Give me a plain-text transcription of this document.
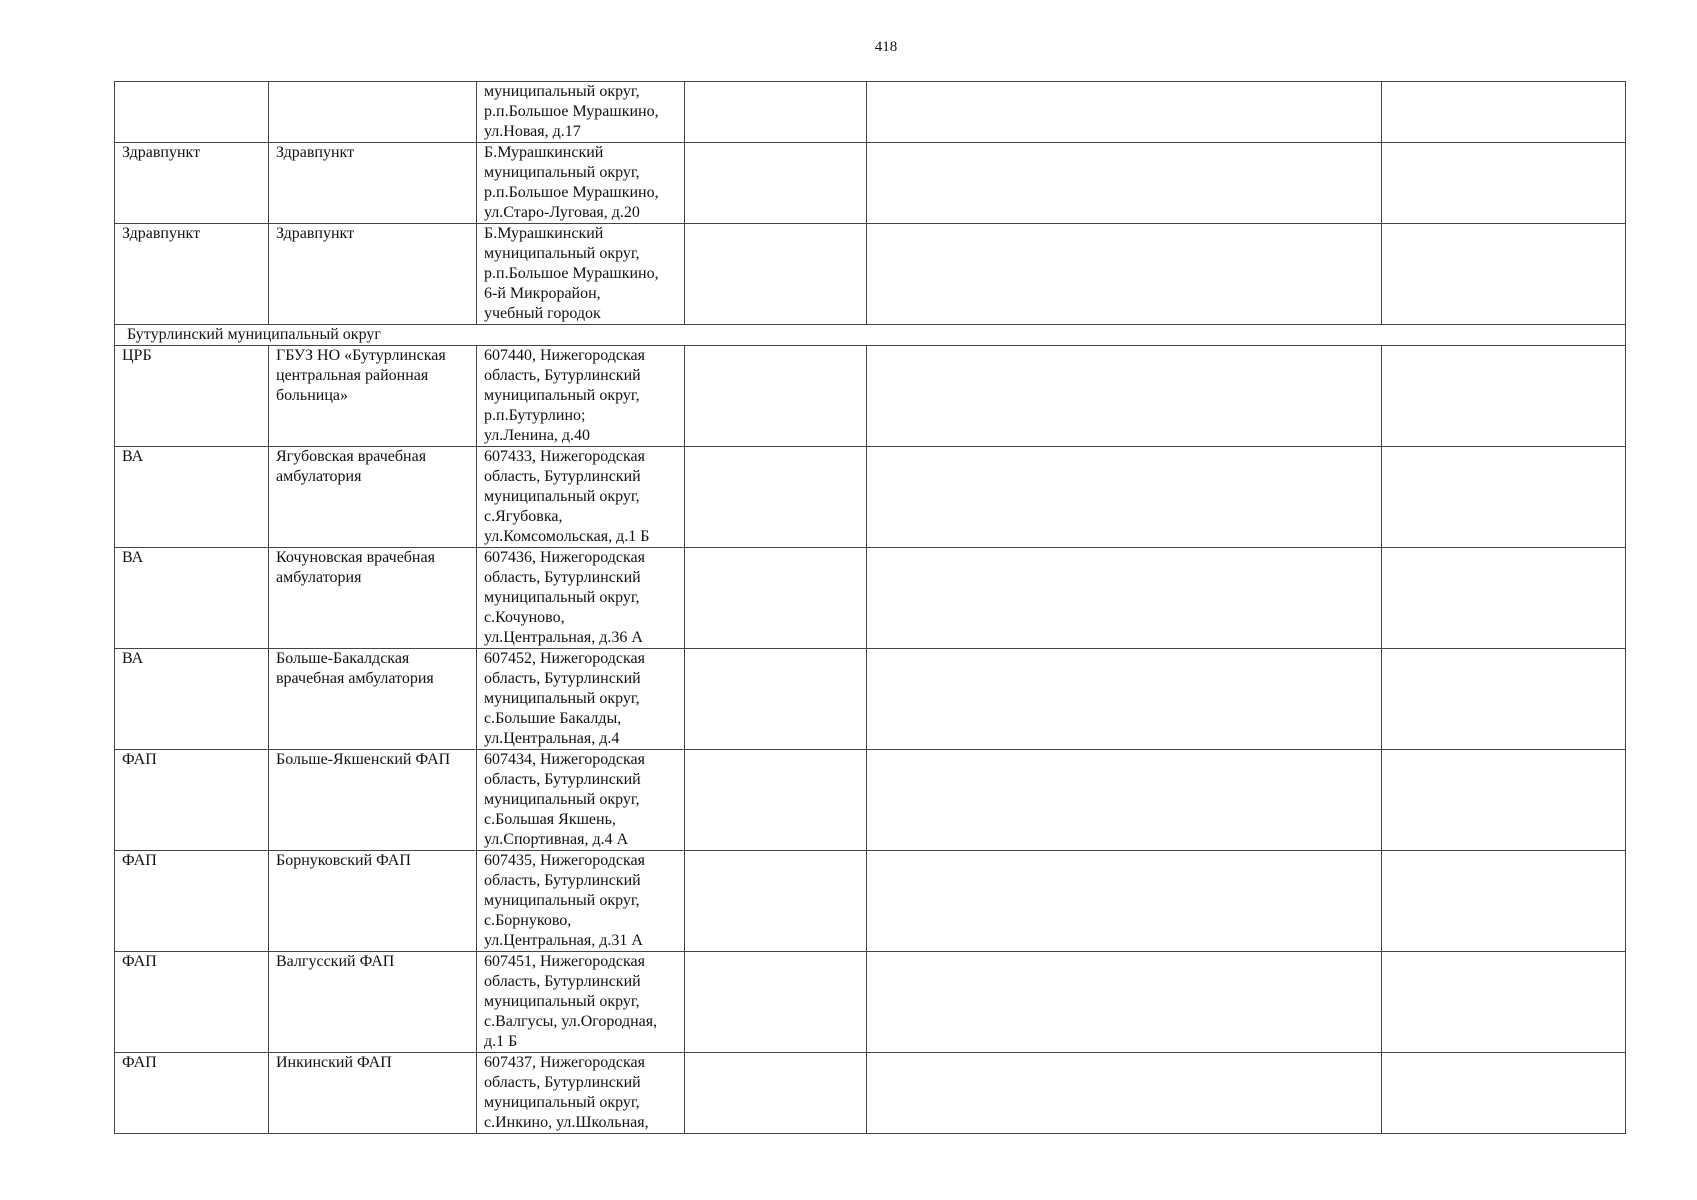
418
		муниципальный округ,
р.п.Большое Мурашкино,
ул.Новая, д.17			
Здравпункт	Здравпункт	Б.Мурашкинский
муниципальный округ,
р.п.Большое Мурашкино,
ул.Старо-Луговая, д.20			
Здравпункт	Здравпункт	Б.Мурашкинский
муниципальный округ,
р.п.Большое Мурашкино,
6-й Микрорайон,
учебный городок			
Бутурлинский муниципальный округ					
ЦРБ	ГБУЗ НО «Бутурлинская
центральная районная
больница»	607440, Нижегородская
область, Бутурлинский
муниципальный округ,
р.п.Бутурлино;
ул.Ленина, д.40			
ВА	Ягубовская врачебная
амбулатория	607433, Нижегородская
область, Бутурлинский
муниципальный округ,
с.Ягубовка,
ул.Комсомольская, д.1 Б			
ВА	Кочуновская врачебная
амбулатория	607436, Нижегородская
область, Бутурлинский
муниципальный округ,
с.Кочуново,
ул.Центральная, д.36 А			
ВА	Больше-Бакалдская
врачебная амбулатория	607452, Нижегородская
область, Бутурлинский
муниципальный округ,
с.Большие Бакалды,
ул.Центральная, д.4			
ФАП	Больше-Якшенский ФАП	607434, Нижегородская
область, Бутурлинский
муниципальный округ,
с.Большая Якшень,
ул.Спортивная, д.4 А			
ФАП	Борнуковский ФАП	607435, Нижегородская
область, Бутурлинский
муниципальный округ,
с.Борнуково,
ул.Центральная, д.31 А			
ФАП	Валгусский ФАП	607451, Нижегородская
область, Бутурлинский
муниципальный округ,
с.Валгусы, ул.Огородная,
д.1 Б			
ФАП	Инкинский ФАП	607437, Нижегородская
область, Бутурлинский
муниципальный округ,
с.Инкино, ул.Школьная,			
